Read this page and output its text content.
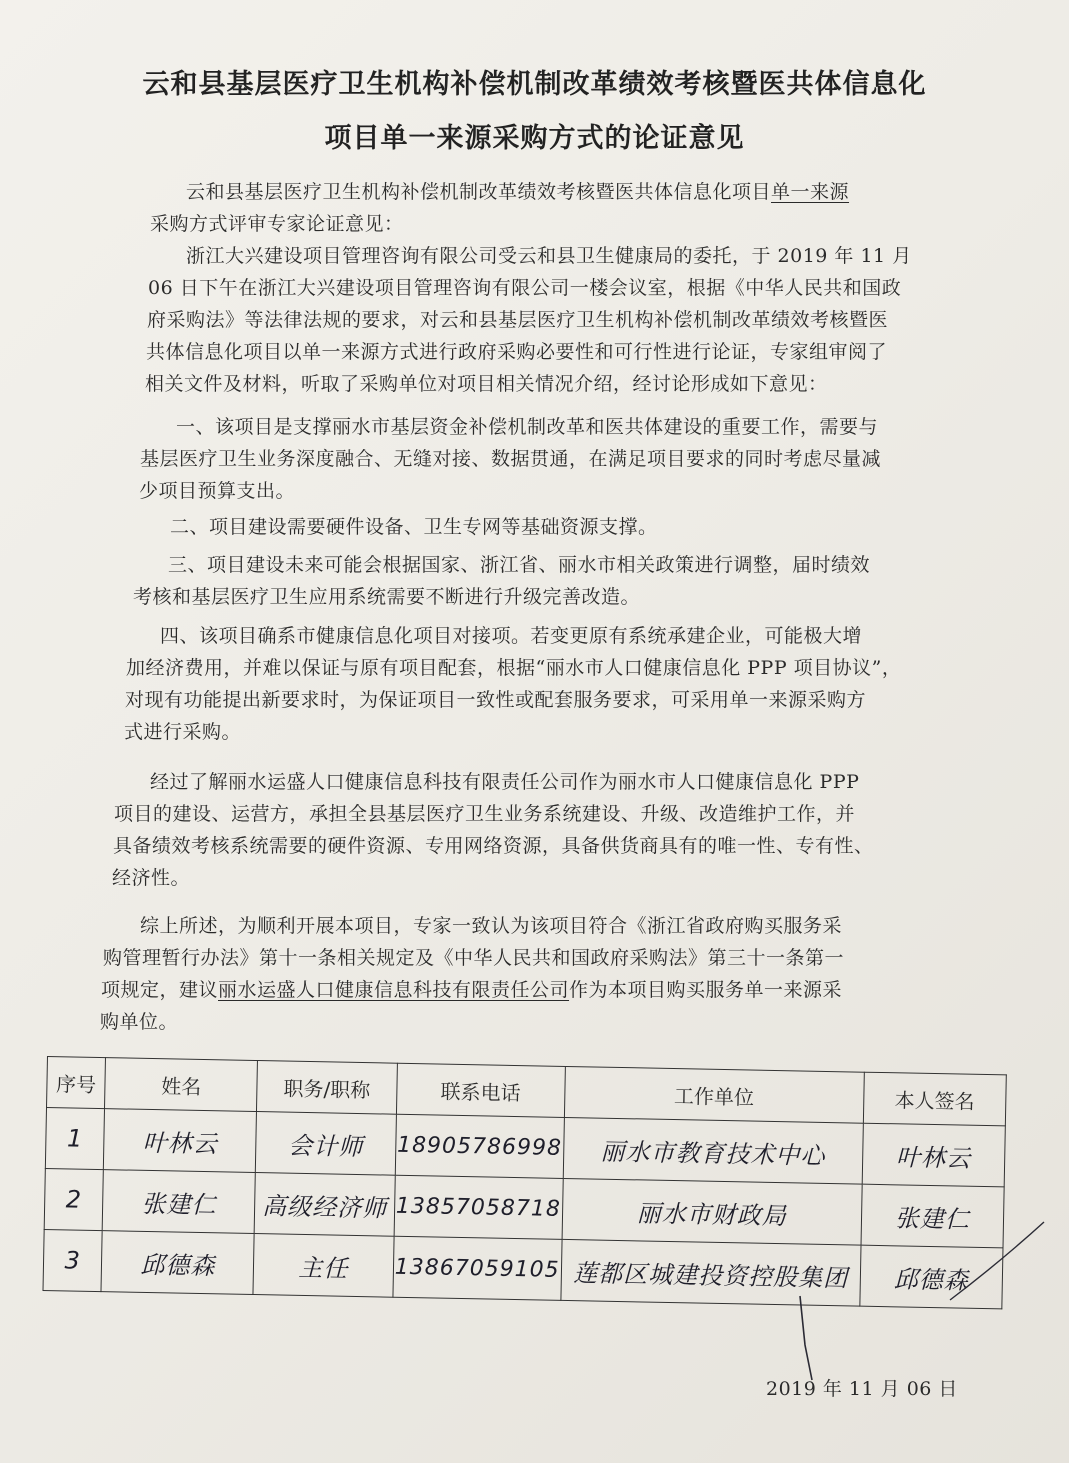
云和县基层医疗卫生机构补偿机制改革绩效考核暨医共体信息化
项目单一来源采购方式的论证意见
云和县基层医疗卫生机构补偿机制改革绩效考核暨医共体信息化项目单一来源
采购方式评审专家论证意见：
浙江大兴建设项目管理咨询有限公司受云和县卫生健康局的委托，于 2019 年 11 月
06 日下午在浙江大兴建设项目管理咨询有限公司一楼会议室，根据《中华人民共和国政
府采购法》等法律法规的要求，对云和县基层医疗卫生机构补偿机制改革绩效考核暨医
共体信息化项目以单一来源方式进行政府采购必要性和可行性进行论证，专家组审阅了
相关文件及材料，听取了采购单位对项目相关情况介绍，经讨论形成如下意见：
一、该项目是支撑丽水市基层资金补偿机制改革和医共体建设的重要工作，需要与
基层医疗卫生业务深度融合、无缝对接、数据贯通，在满足项目要求的同时考虑尽量减
少项目预算支出。
二、项目建设需要硬件设备、卫生专网等基础资源支撑。
三、项目建设未来可能会根据国家、浙江省、丽水市相关政策进行调整，届时绩效
考核和基层医疗卫生应用系统需要不断进行升级完善改造。
四、该项目确系市健康信息化项目对接项。若变更原有系统承建企业，可能极大增
加经济费用，并难以保证与原有项目配套，根据“丽水市人口健康信息化 PPP 项目协议”，
对现有功能提出新要求时，为保证项目一致性或配套服务要求，可采用单一来源采购方
式进行采购。
经过了解丽水运盛人口健康信息科技有限责任公司作为丽水市人口健康信息化 PPP
项目的建设、运营方，承担全县基层医疗卫生业务系统建设、升级、改造维护工作，并
具备绩效考核系统需要的硬件资源、专用网络资源，具备供货商具有的唯一性、专有性、
经济性。
综上所述，为顺利开展本项目，专家一致认为该项目符合《浙江省政府购买服务采
购管理暂行办法》第十一条相关规定及《中华人民共和国政府采购法》第三十一条第一
项规定，建议丽水运盛人口健康信息科技有限责任公司作为本项目购买服务单一来源采
购单位。
序号	姓名	职务/职称	联系电话	工作单位	本人签名
1	叶林云	会计师	18905786998	丽水市教育技术中心	叶林云
2	张建仁	高级经济师	13857058718	丽水市财政局	张建仁
3	邱德森	主任	13867059105	莲都区城建投资控股集团	邱德森
2019 年 11 月 06 日
